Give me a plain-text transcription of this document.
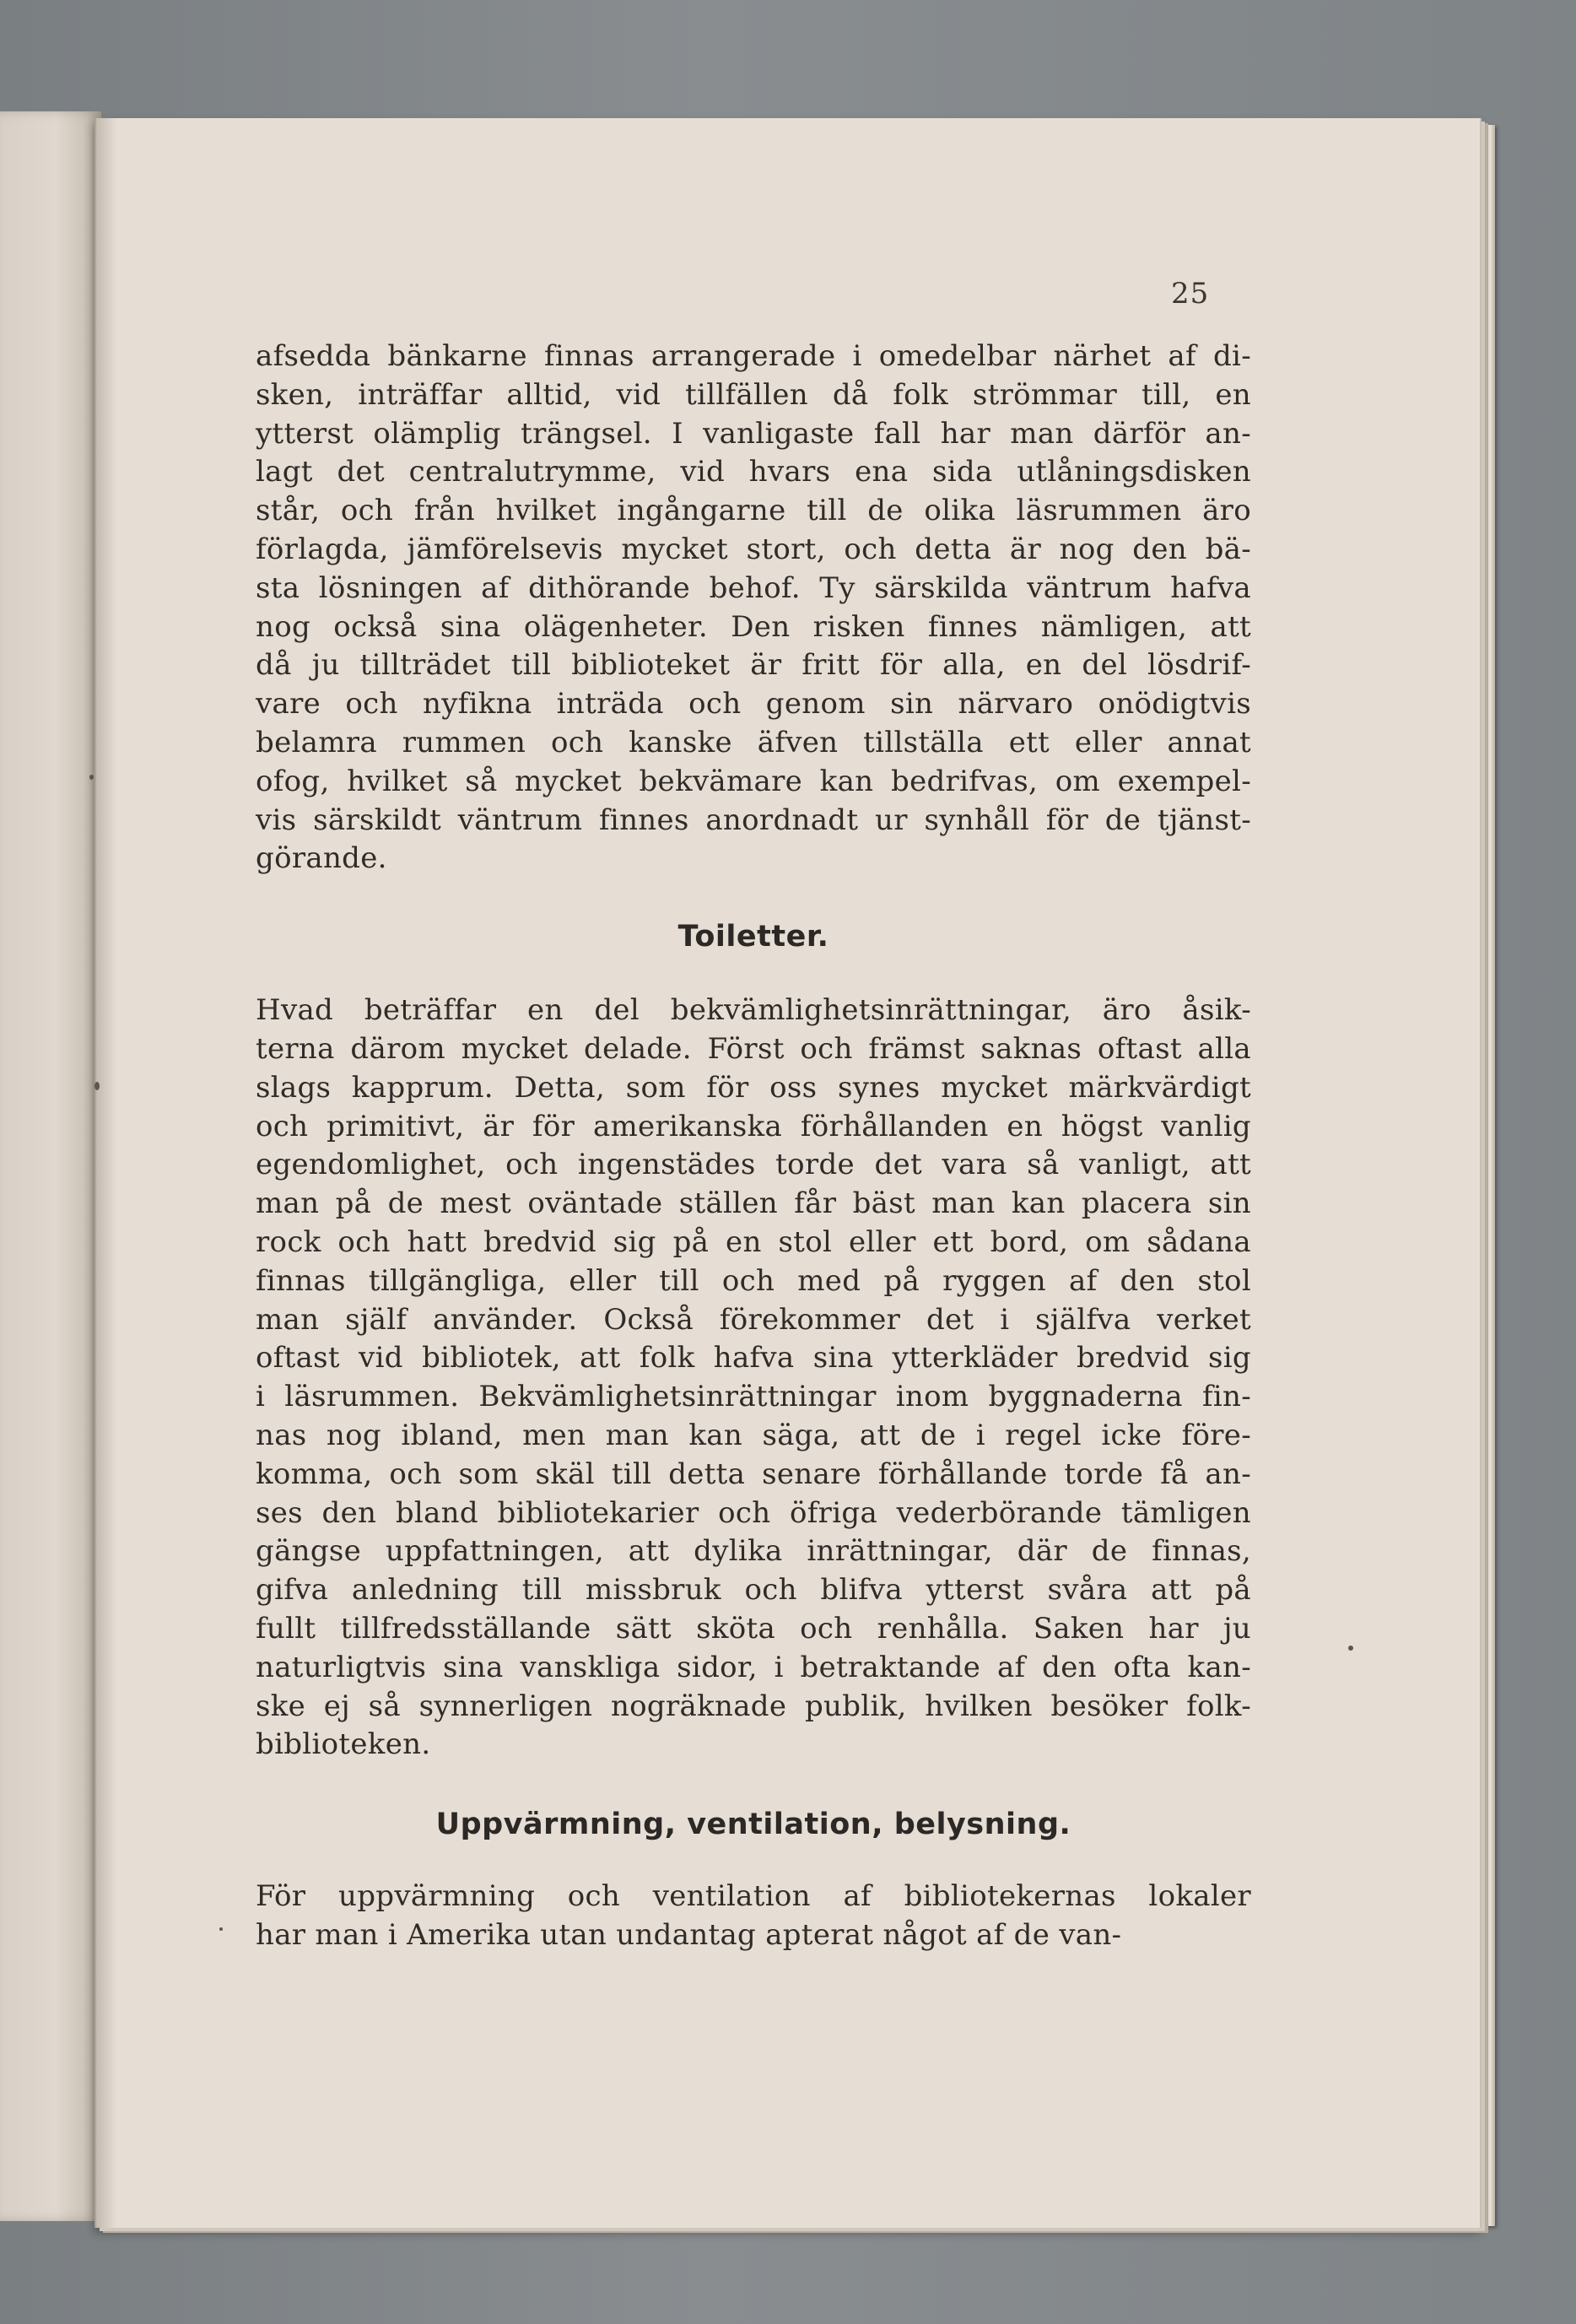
25
afsedda bänkarne finnas arrangerade i omedelbar närhet af di-
sken, inträffar alltid, vid tillfällen då folk strömmar till, en
ytterst olämplig trängsel. I vanligaste fall har man därför an-
lagt det centralutrymme, vid hvars ena sida utlåningsdisken
står, och från hvilket ingångarne till de olika läsrummen äro
förlagda, jämförelsevis mycket stort, och detta är nog den bä-
sta lösningen af dithörande behof. Ty särskilda väntrum hafva
nog också sina olägenheter. Den risken finnes nämligen, att
då ju tillträdet till biblioteket är fritt för alla, en del lösdrif-
vare och nyfikna inträda och genom sin närvaro onödigtvis
belamra rummen och kanske äfven tillställa ett eller annat
ofog, hvilket så mycket bekvämare kan bedrifvas, om exempel-
vis särskildt väntrum finnes anordnadt ur synhåll för de tjänst-
görande.
Toiletter.
Hvad beträffar en del bekvämlighetsinrättningar, äro åsik-
terna därom mycket delade. Först och främst saknas oftast alla
slags kapprum. Detta, som för oss synes mycket märkvärdigt
och primitivt, är för amerikanska förhållanden en högst vanlig
egendomlighet, och ingenstädes torde det vara så vanligt, att
man på de mest oväntade ställen får bäst man kan placera sin
rock och hatt bredvid sig på en stol eller ett bord, om sådana
finnas tillgängliga, eller till och med på ryggen af den stol
man själf använder. Också förekommer det i själfva verket
oftast vid bibliotek, att folk hafva sina ytterkläder bredvid sig
i läsrummen. Bekvämlighetsinrättningar inom byggnaderna fin-
nas nog ibland, men man kan säga, att de i regel icke före-
komma, och som skäl till detta senare förhållande torde få an-
ses den bland bibliotekarier och öfriga vederbörande tämligen
gängse uppfattningen, att dylika inrättningar, där de finnas,
gifva anledning till missbruk och blifva ytterst svåra att på
fullt tillfredsställande sätt sköta och renhålla. Saken har ju
naturligtvis sina vanskliga sidor, i betraktande af den ofta kan-
ske ej så synnerligen nogräknade publik, hvilken besöker folk-
biblioteken.
Uppvärmning, ventilation, belysning.
För uppvärmning och ventilation af bibliotekernas lokaler
har man i Amerika utan undantag apterat något af de van-
